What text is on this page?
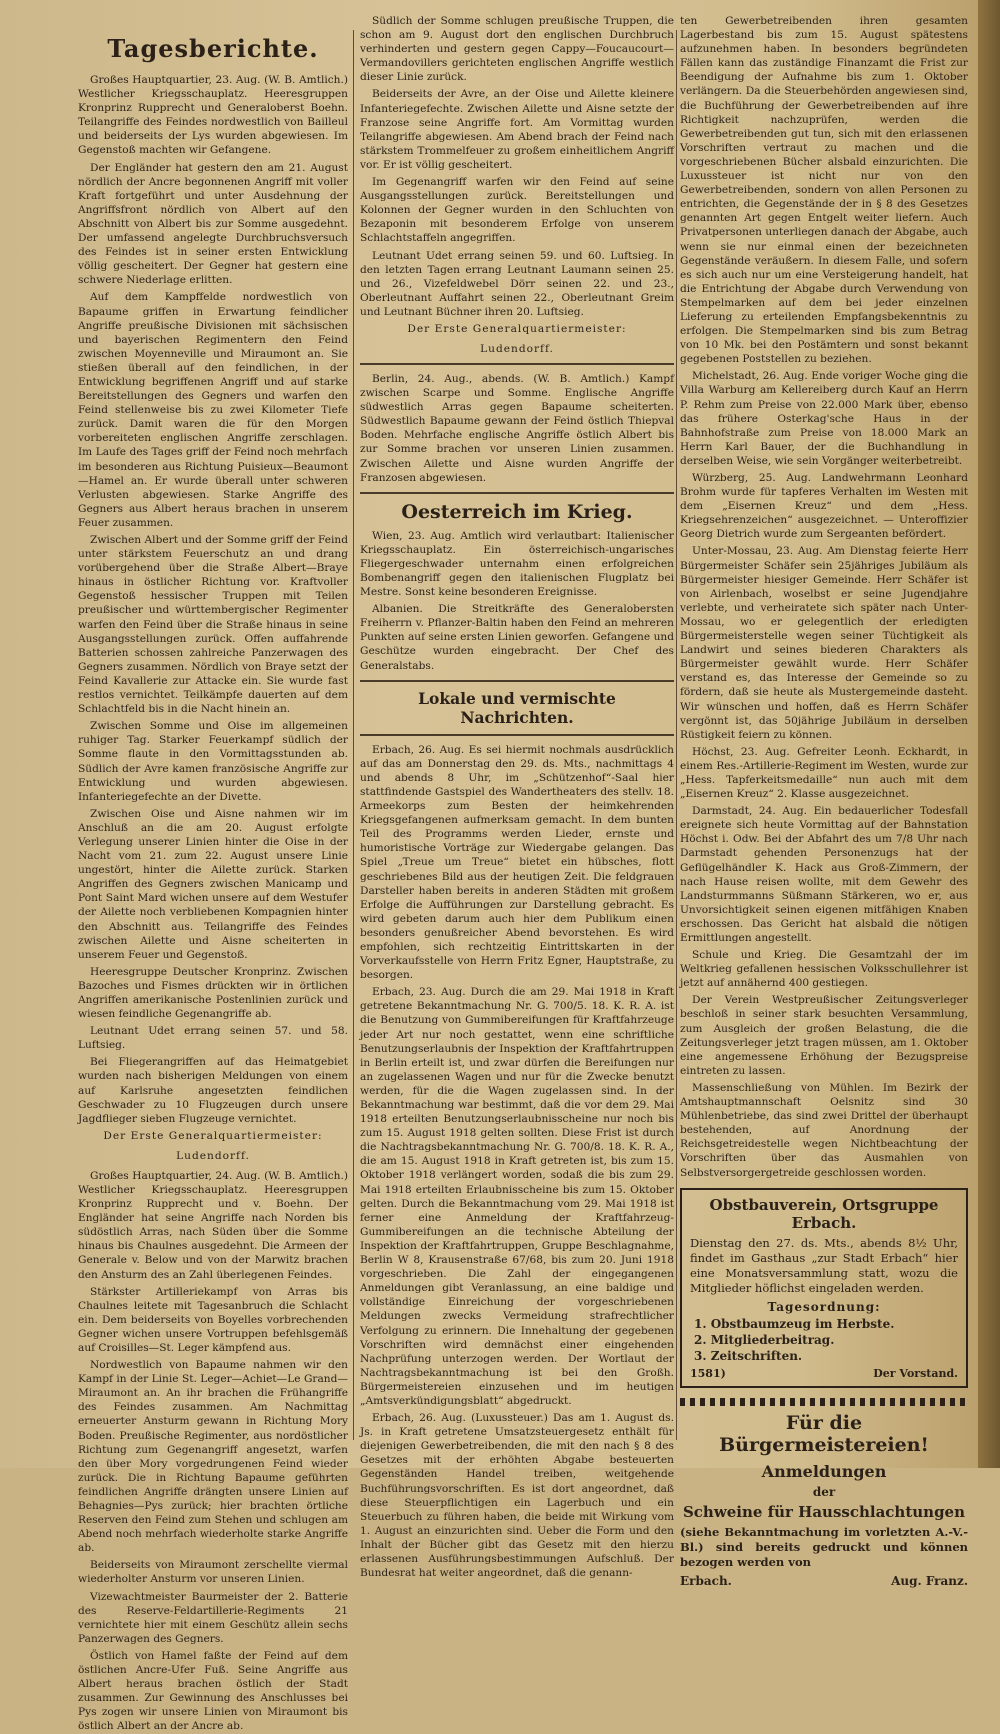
Tagesberichte.

Großes Hauptquartier, 23. Aug. (W. B. Amtlich.) Westlicher Kriegsschauplatz. Heeresgruppen Kronprinz Rupprecht und Generaloberst Boehn. Teilangriffe des Feindes nordwestlich von Bailleul und beiderseits der Lys wurden abgewiesen. Im Gegenstoß machten wir Gefangene.

Der Engländer hat gestern den am 21. August nördlich der Ancre begonnenen Angriff mit voller Kraft fortgeführt und unter Ausdehnung der Angriffsfront nördlich von Albert auf den Abschnitt von Albert bis zur Somme ausgedehnt. Der umfassend angelegte Durchbruchsversuch des Feindes ist in seiner ersten Entwicklung völlig gescheitert. Der Gegner hat gestern eine schwere Niederlage erlitten.

Auf dem Kampffelde nordwestlich von Bapaume griffen in Erwartung feindlicher Angriffe preußische Divisionen mit sächsischen und bayerischen Regimentern den Feind zwischen Moyenneville und Miraumont an. Sie stießen überall auf den feindlichen, in der Entwicklung begriffenen Angriff und auf starke Bereitstellungen des Gegners und warfen den Feind stellenweise bis zu zwei Kilometer Tiefe zurück. Damit waren die für den Morgen vorbereiteten englischen Angriffe zerschlagen. Im Laufe des Tages griff der Feind noch mehrfach im besonderen aus Richtung Puisieux—Beaumont—Hamel an. Er wurde überall unter schweren Verlusten abgewiesen. Starke Angriffe des Gegners aus Albert heraus brachen in unserem Feuer zusammen.

Zwischen Albert und der Somme griff der Feind unter stärkstem Feuerschutz an und drang vorübergehend über die Straße Albert—Braye hinaus in östlicher Richtung vor. Kraftvoller Gegenstoß hessischer Truppen mit Teilen preußischer und württembergischer Regimenter warfen den Feind über die Straße hinaus in seine Ausgangsstellungen zurück. Offen auffahrende Batterien schossen zahlreiche Panzerwagen des Gegners zusammen. Nördlich von Braye setzt der Feind Kavallerie zur Attacke ein. Sie wurde fast restlos vernichtet. Teilkämpfe dauerten auf dem Schlachtfeld bis in die Nacht hinein an.

Zwischen Somme und Oise im allgemeinen ruhiger Tag. Starker Feuerkampf südlich der Somme flaute in den Vormittagsstunden ab. Südlich der Avre kamen französische Angriffe zur Entwicklung und wurden abgewiesen. Infanteriegefechte an der Divette.

Zwischen Oise und Aisne nahmen wir im Anschluß an die am 20. August erfolgte Verlegung unserer Linien hinter die Oise in der Nacht vom 21. zum 22. August unsere Linie ungestört, hinter die Ailette zurück. Starken Angriffen des Gegners zwischen Manicamp und Pont Saint Mard wichen unsere auf dem Westufer der Ailette noch verbliebenen Kompagnien hinter den Abschnitt aus. Teilangriffe des Feindes zwischen Ailette und Aisne scheiterten in unserem Feuer und Gegenstoß.

Heeresgruppe Deutscher Kronprinz. Zwischen Bazoches und Fismes drückten wir in örtlichen Angriffen amerikanische Postenlinien zurück und wiesen feindliche Gegenangriffe ab.

Leutnant Udet errang seinen 57. und 58. Luftsieg.

Bei Fliegerangriffen auf das Heimatgebiet wurden nach bisherigen Meldungen von einem auf Karlsruhe angesetzten feindlichen Geschwader zu 10 Flugzeugen durch unsere Jagdflieger sieben Flugzeuge vernichtet.

Der Erste Generalquartiermeister:
Ludendorff.

Großes Hauptquartier, 24. Aug. (W. B. Amtlich.) Westlicher Kriegsschauplatz. Heeresgruppen Kronprinz Rupprecht und v. Boehn. Der Engländer hat seine Angriffe nach Norden bis südöstlich Arras, nach Süden über die Somme hinaus bis Chaulnes ausgedehnt. Die Armeen der Generale v. Below und von der Marwitz brachen den Ansturm des an Zahl überlegenen Feindes.

Stärkster Artilleriekampf von Arras bis Chaulnes leitete mit Tagesanbruch die Schlacht ein. Dem beiderseits von Boyelles vorbrechenden Gegner wichen unsere Vortruppen befehlsgemäß auf Croisilles—St. Leger kämpfend aus.

Nordwestlich von Bapaume nahmen wir den Kampf in der Linie St. Leger—Achiet—Le Grand—Miraumont an. An ihr brachen die Frühangriffe des Feindes zusammen. Am Nachmittag erneuerter Ansturm gewann in Richtung Mory Boden. Preußische Regimenter, aus nordöstlicher Richtung zum Gegenangriff angesetzt, warfen den über Mory vorgedrungenen Feind wieder zurück. Die in Richtung Bapaume geführten feindlichen Angriffe drängten unsere Linien auf Behagnies—Pys zurück; hier brachten örtliche Reserven den Feind zum Stehen und schlugen am Abend noch mehrfach wiederholte starke Angriffe ab.

Beiderseits von Miraumont zerschellte viermal wiederholter Ansturm vor unseren Linien.

Vizewachtmeister Baurmeister der 2. Batterie des Reserve-Feldartillerie-Regiments 21 vernichtete hier mit einem Geschütz allein sechs Panzerwagen des Gegners.

Östlich von Hamel faßte der Feind auf dem östlichen Ancre-Ufer Fuß. Seine Angriffe aus Albert heraus brachen östlich der Stadt zusammen. Zur Gewinnung des Anschlusses bei Pys zogen wir unsere Linien von Miraumont bis östlich Albert an der Ancre ab.

Südlich der Somme schlugen preußische Truppen, die schon am 9. August dort den englischen Durchbruch verhinderten und gestern gegen Cappy—Foucaucourt—Vermandovillers gerichteten englischen Angriffe westlich dieser Linie zurück.

Beiderseits der Avre, an der Oise und Ailette kleinere Infanteriegefechte. Zwischen Ailette und Aisne setzte der Franzose seine Angriffe fort. Am Vormittag wurden Teilangriffe abgewiesen. Am Abend brach der Feind nach stärkstem Trommelfeuer zu großem einheitlichem Angriff vor. Er ist völlig gescheitert.

Im Gegenangriff warfen wir den Feind auf seine Ausgangsstellungen zurück. Bereitstellungen und Kolonnen der Gegner wurden in den Schluchten von Bezaponin mit besonderem Erfolge von unserem Schlachtstaffeln angegriffen.

Leutnant Udet errang seinen 59. und 60. Luftsieg. In den letzten Tagen errang Leutnant Laumann seinen 25. und 26., Vizefeldwebel Dörr seinen 22. und 23., Oberleutnant Auffahrt seinen 22., Oberleutnant Greim und Leutnant Büchner ihren 20. Luftsieg.

Der Erste Generalquartiermeister:
Ludendorff.

Berlin, 24. Aug., abends. (W. B. Amtlich.) Kampf zwischen Scarpe und Somme. Englische Angriffe südwestlich Arras gegen Bapaume scheiterten. Südwestlich Bapaume gewann der Feind östlich Thiepval Boden. Mehrfache englische Angriffe östlich Albert bis zur Somme brachen vor unseren Linien zusammen. Zwischen Ailette und Aisne wurden Angriffe der Franzosen abgewiesen.

Oesterreich im Krieg.

Wien, 23. Aug. Amtlich wird verlautbart: Italienischer Kriegsschauplatz. Ein österreichisch-ungarisches Fliegergeschwader unternahm einen erfolgreichen Bombenangriff gegen den italienischen Flugplatz bei Mestre. Sonst keine besonderen Ereignisse.

Albanien. Die Streitkräfte des Generalobersten Freiherrn v. Pflanzer-Baltin haben den Feind an mehreren Punkten auf seine ersten Linien geworfen. Gefangene und Geschütze wurden eingebracht. Der Chef des Generalstabs.

Lokale und vermischte Nachrichten.

Erbach, 26. Aug. Es sei hiermit nochmals ausdrücklich auf das am Donnerstag den 29. ds. Mts., nachmittags 4 und abends 8 Uhr, im „Schützenhof“-Saal hier stattfindende Gastspiel des Wandertheaters des stellv. 18. Armeekorps zum Besten der heimkehrenden Kriegsgefangenen aufmerksam gemacht. In dem bunten Teil des Programms werden Lieder, ernste und humoristische Vorträge zur Wiedergabe gelangen. Das Spiel „Treue um Treue“ bietet ein hübsches, flott geschriebenes Bild aus der heutigen Zeit. Die feldgrauen Darsteller haben bereits in anderen Städten mit großem Erfolge die Aufführungen zur Darstellung gebracht. Es wird gebeten darum auch hier dem Publikum einen besonders genußreicher Abend bevorstehen. Es wird empfohlen, sich rechtzeitig Eintrittskarten in der Vorverkaufsstelle von Herrn Fritz Egner, Hauptstraße, zu besorgen.

Erbach, 23. Aug. Durch die am 29. Mai 1918 in Kraft getretene Bekanntmachung Nr. G. 700/5. 18. K. R. A. ist die Benutzung von Gummibereifungen für Kraftfahrzeuge jeder Art nur noch gestattet, wenn eine schriftliche Benutzungserlaubnis der Inspektion der Kraftfahrtruppen in Berlin erteilt ist, und zwar dürfen die Bereifungen nur an zugelassenen Wagen und nur für die Zwecke benutzt werden, für die die Wagen zugelassen sind. In der Bekanntmachung war bestimmt, daß die vor dem 29. Mai 1918 erteilten Benutzungserlaubnisscheine nur noch bis zum 15. August 1918 gelten sollten. Diese Frist ist durch die Nachtragsbekanntmachung Nr. G. 700/8. 18. K. R. A., die am 15. August 1918 in Kraft getreten ist, bis zum 15. Oktober 1918 verlängert worden, sodaß die bis zum 29. Mai 1918 erteilten Erlaubnisscheine bis zum 15. Oktober gelten. Durch die Bekanntmachung vom 29. Mai 1918 ist ferner eine Anmeldung der Kraftfahrzeug-Gummibereifungen an die technische Abteilung der Inspektion der Kraftfahrtruppen, Gruppe Beschlagnahme, Berlin W 8, Krausenstraße 67/68, bis zum 20. Juni 1918 vorgeschrieben. Die Zahl der eingegangenen Anmeldungen gibt Veranlassung, an eine baldige und vollständige Einreichung der vorgeschriebenen Meldungen zwecks Vermeidung strafrechtlicher Verfolgung zu erinnern. Die Innehaltung der gegebenen Vorschriften wird demnächst einer eingehenden Nachprüfung unterzogen werden. Der Wortlaut der Nachtragsbekanntmachung ist bei den Großh. Bürgermeistereien einzusehen und im heutigen „Amtsverkündigungsblatt“ abgedruckt.

Erbach, 26. Aug. (Luxussteuer.) Das am 1. August ds. Js. in Kraft getretene Umsatzsteuergesetz enthält für diejenigen Gewerbetreibenden, die mit den nach § 8 des Gesetzes mit der erhöhten Abgabe besteuerten Gegenständen Handel treiben, weitgehende Buchführungsvorschriften. Es ist dort angeordnet, daß diese Steuerpflichtigen ein Lagerbuch und ein Steuerbuch zu führen haben, die beide mit Wirkung vom 1. August an einzurichten sind. Ueber die Form und den Inhalt der Bücher gibt das Gesetz mit den hierzu erlassenen Ausführungsbestimmungen Aufschluß. Der Bundesrat hat weiter angeordnet, daß die genann-

ten Gewerbetreibenden ihren gesamten Lagerbestand bis zum 15. August spätestens aufzunehmen haben. In besonders begründeten Fällen kann das zuständige Finanzamt die Frist zur Beendigung der Aufnahme bis zum 1. Oktober verlängern. Da die Steuerbehörden angewiesen sind, die Buchführung der Gewerbetreibenden auf ihre Richtigkeit nachzuprüfen, werden die Gewerbetreibenden gut tun, sich mit den erlassenen Vorschriften vertraut zu machen und die vorgeschriebenen Bücher alsbald einzurichten. Die Luxussteuer ist nicht nur von den Gewerbetreibenden, sondern von allen Personen zu entrichten, die Gegenstände der in § 8 des Gesetzes genannten Art gegen Entgelt weiter liefern. Auch Privatpersonen unterliegen danach der Abgabe, auch wenn sie nur einmal einen der bezeichneten Gegenstände veräußern. In diesem Falle, und sofern es sich auch nur um eine Versteigerung handelt, hat die Entrichtung der Abgabe durch Verwendung von Stempelmarken auf dem bei jeder einzelnen Lieferung zu erteilenden Empfangsbekenntnis zu erfolgen. Die Stempelmarken sind bis zum Betrag von 10 Mk. bei den Postämtern und sonst bekannt gegebenen Poststellen zu beziehen.

Michelstadt, 26. Aug. Ende voriger Woche ging die Villa Warburg am Kellereiberg durch Kauf an Herrn P. Rehm zum Preise von 22.000 Mark über, ebenso das frühere Osterkag'sche Haus in der Bahnhofstraße zum Preise von 18.000 Mark an Herrn Karl Bauer, der die Buchhandlung in derselben Weise, wie sein Vorgänger weiterbetreibt.

Würzberg, 25. Aug. Landwehrmann Leonhard Brohm wurde für tapferes Verhalten im Westen mit dem „Eisernen Kreuz“ und dem „Hess. Kriegsehrenzeichen“ ausgezeichnet. — Unteroffizier Georg Dietrich wurde zum Sergeanten befördert.

Unter-Mossau, 23. Aug. Am Dienstag feierte Herr Bürgermeister Schäfer sein 25jähriges Jubiläum als Bürgermeister hiesiger Gemeinde. Herr Schäfer ist von Airlenbach, woselbst er seine Jugendjahre verlebte, und verheiratete sich später nach Unter-Mossau, wo er gelegentlich der erledigten Bürgermeisterstelle wegen seiner Tüchtigkeit als Landwirt und seines biederen Charakters als Bürgermeister gewählt wurde. Herr Schäfer verstand es, das Interesse der Gemeinde so zu fördern, daß sie heute als Mustergemeinde dasteht. Wir wünschen und hoffen, daß es Herrn Schäfer vergönnt ist, das 50jährige Jubiläum in derselben Rüstigkeit feiern zu können.

Höchst, 23. Aug. Gefreiter Leonh. Eckhardt, in einem Res.-Artillerie-Regiment im Westen, wurde zur „Hess. Tapferkeitsmedaille“ nun auch mit dem „Eisernen Kreuz“ 2. Klasse ausgezeichnet.

Darmstadt, 24. Aug. Ein bedauerlicher Todesfall ereignete sich heute Vormittag auf der Bahnstation Höchst i. Odw. Bei der Abfahrt des um 7/8 Uhr nach Darmstadt gehenden Personenzugs hat der Geflügelhändler K. Hack aus Groß-Zimmern, der nach Hause reisen wollte, mit dem Gewehr des Landsturmmanns Süßmann Stärkeren, wo er, aus Unvorsichtigkeit seinen eigenen mitfähigen Knaben erschossen. Das Gericht hat alsbald die nötigen Ermittlungen angestellt.

Schule und Krieg. Die Gesamtzahl der im Weltkrieg gefallenen hessischen Volksschullehrer ist jetzt auf annähernd 400 gestiegen.

Der Verein Westpreußischer Zeitungsverleger beschloß in seiner stark besuchten Versammlung, zum Ausgleich der großen Belastung, die die Zeitungsverleger jetzt tragen müssen, am 1. Oktober eine angemessene Erhöhung der Bezugspreise eintreten zu lassen.

Massenschließung von Mühlen. Im Bezirk der Amtshauptmannschaft Oelsnitz sind 30 Mühlenbetriebe, das sind zwei Drittel der überhaupt bestehenden, auf Anordnung der Reichsgetreidestelle wegen Nichtbeachtung der Vorschriften über das Ausmahlen von Selbstversorgergetreide geschlossen worden.

Obstbauverein, Ortsgruppe Erbach.

Dienstag den 27. ds. Mts., abends 8½ Uhr, findet im Gasthaus „zur Stadt Erbach“ hier eine Monatsversammlung statt, wozu die Mitglieder höflichst eingeladen werden.

Tagesordnung:
1. Obstbaumzeug im Herbste.
2. Mitgliederbeitrag.
3. Zeitschriften.
1581)	Der Vorstand.
Für die Bürgermeistereien!
Anmeldungen
der
Schweine für Hausschlachtungen

(siehe Bekanntmachung im vorletzten A.-V.-Bl.) sind bereits gedruckt und können bezogen werden von

Erbach.	Aug. Franz.
